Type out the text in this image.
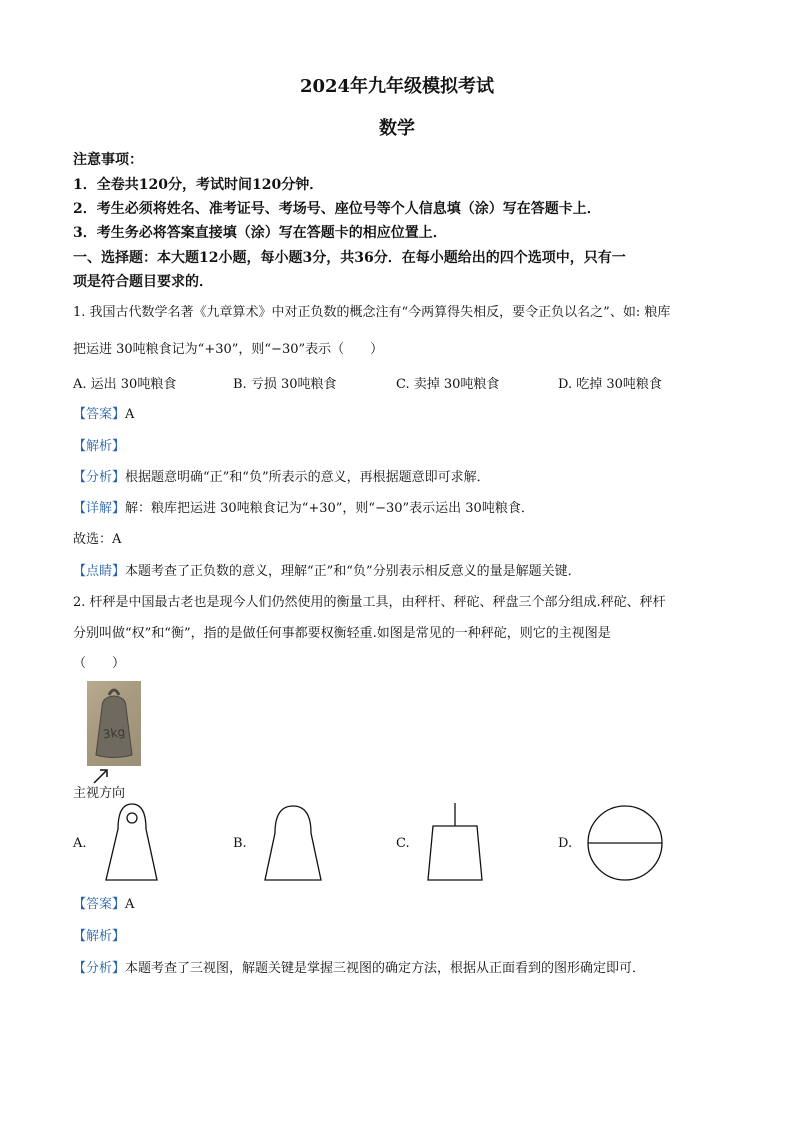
2024年九年级模拟考试
数学
注意事项：
1．全卷共120分，考试时间120分钟．
2．考生必须将姓名、准考证号、考场号、座位号等个人信息填（涂）写在答题卡上．
3．考生务必将答案直接填（涂）写在答题卡的相应位置上．
一、选择题：本大题12小题，每小题3分，共36分．在每小题给出的四个选项中，只有一
项是符合题目要求的．
1. 我国古代数学名著《九章算术》中对正负数的概念注有“今两算得失相反，要令正负以名之”、如: 粮库
把运进 30吨粮食记为“+30”，则“−30”表示（　　）
A. 运出 30吨粮食	B. 亏损 30吨粮食	C. 卖掉 30吨粮食	D. 吃掉 30吨粮食
【答案】A
【解析】
【分析】根据题意明确“正”和“负”所表示的意义，再根据题意即可求解．
【详解】解：粮库把运进 30吨粮食记为“+30”，则“−30”表示运出 30吨粮食．
故选：A
【点睛】本题考查了正负数的意义，理解“正”和“负”分别表示相反意义的量是解题关键．
2. 杆秤是中国最古老也是现今人们仍然使用的衡量工具，由秤杆、秤砣、秤盘三个部分组成.秤砣、秤杆
分别叫做“权”和“衡”，指的是做任何事都要权衡轻重.如图是常见的一种秤砣，则它的主视图是
（　　）
3kg
主视方向
A.	B.	C.	D.
【答案】A
【解析】
【分析】本题考查了三视图，解题关键是掌握三视图的确定方法，根据从正面看到的图形确定即可．
